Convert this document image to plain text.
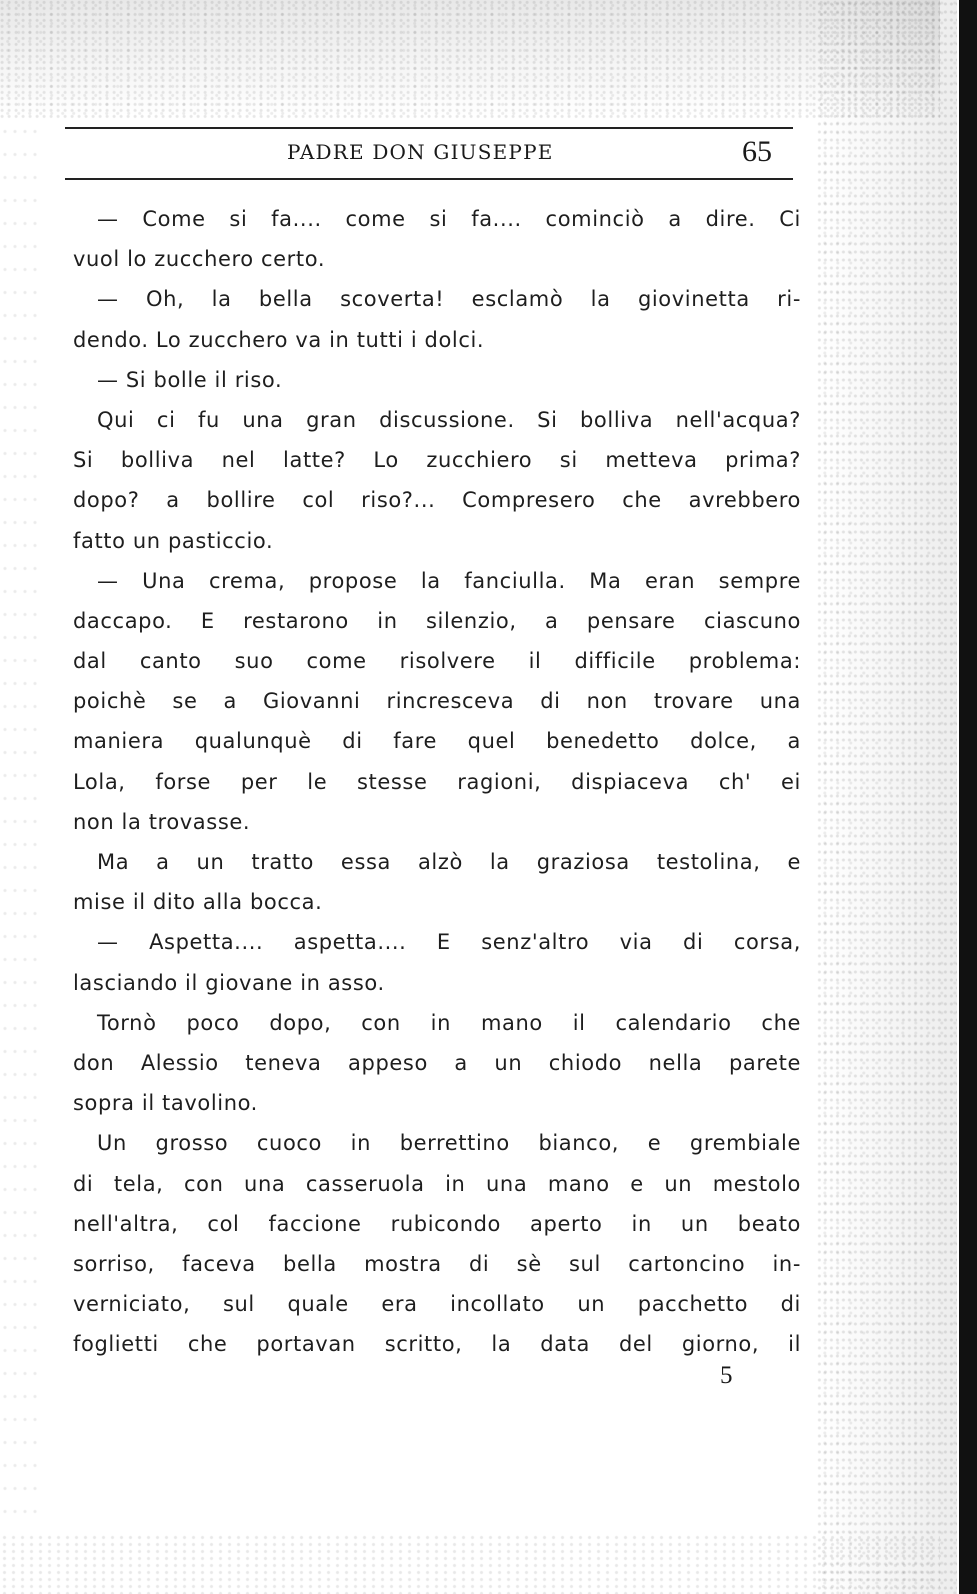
PADRE DON GIUSEPPE	65
— Come si fa.... come si fa.... cominciò a dire. Ci
vuol lo zucchero certo.
— Oh, la bella scoverta! esclamò la giovinetta ri-
dendo. Lo zucchero va in tutti i dolci.
— Si bolle il riso.
Qui ci fu una gran discussione. Si bolliva nell'acqua?
Si bolliva nel latte? Lo zucchiero si metteva prima?
dopo? a bollire col riso?... Compresero che avrebbero
fatto un pasticcio.
— Una crema, propose la fanciulla. Ma eran sempre
daccapo. E restarono in silenzio, a pensare ciascuno
dal canto suo come risolvere il difficile problema:
poichè se a Giovanni rincresceva di non trovare una
maniera qualunquè di fare quel benedetto dolce, a
Lola, forse per le stesse ragioni, dispiaceva ch' ei
non la trovasse.
Ma a un tratto essa alzò la graziosa testolina, e
mise il dito alla bocca.
— Aspetta.... aspetta.... E senz'altro via di corsa,
lasciando il giovane in asso.
Tornò poco dopo, con in mano il calendario che
don Alessio teneva appeso a un chiodo nella parete
sopra il tavolino.
Un grosso cuoco in berrettino bianco, e grembiale
di tela, con una casseruola in una mano e un mestolo
nell'altra, col faccione rubicondo aperto in un beato
sorriso, faceva bella mostra di sè sul cartoncino in-
verniciato, sul quale era incollato un pacchetto di
foglietti che portavan scritto, la data del giorno, il
5
